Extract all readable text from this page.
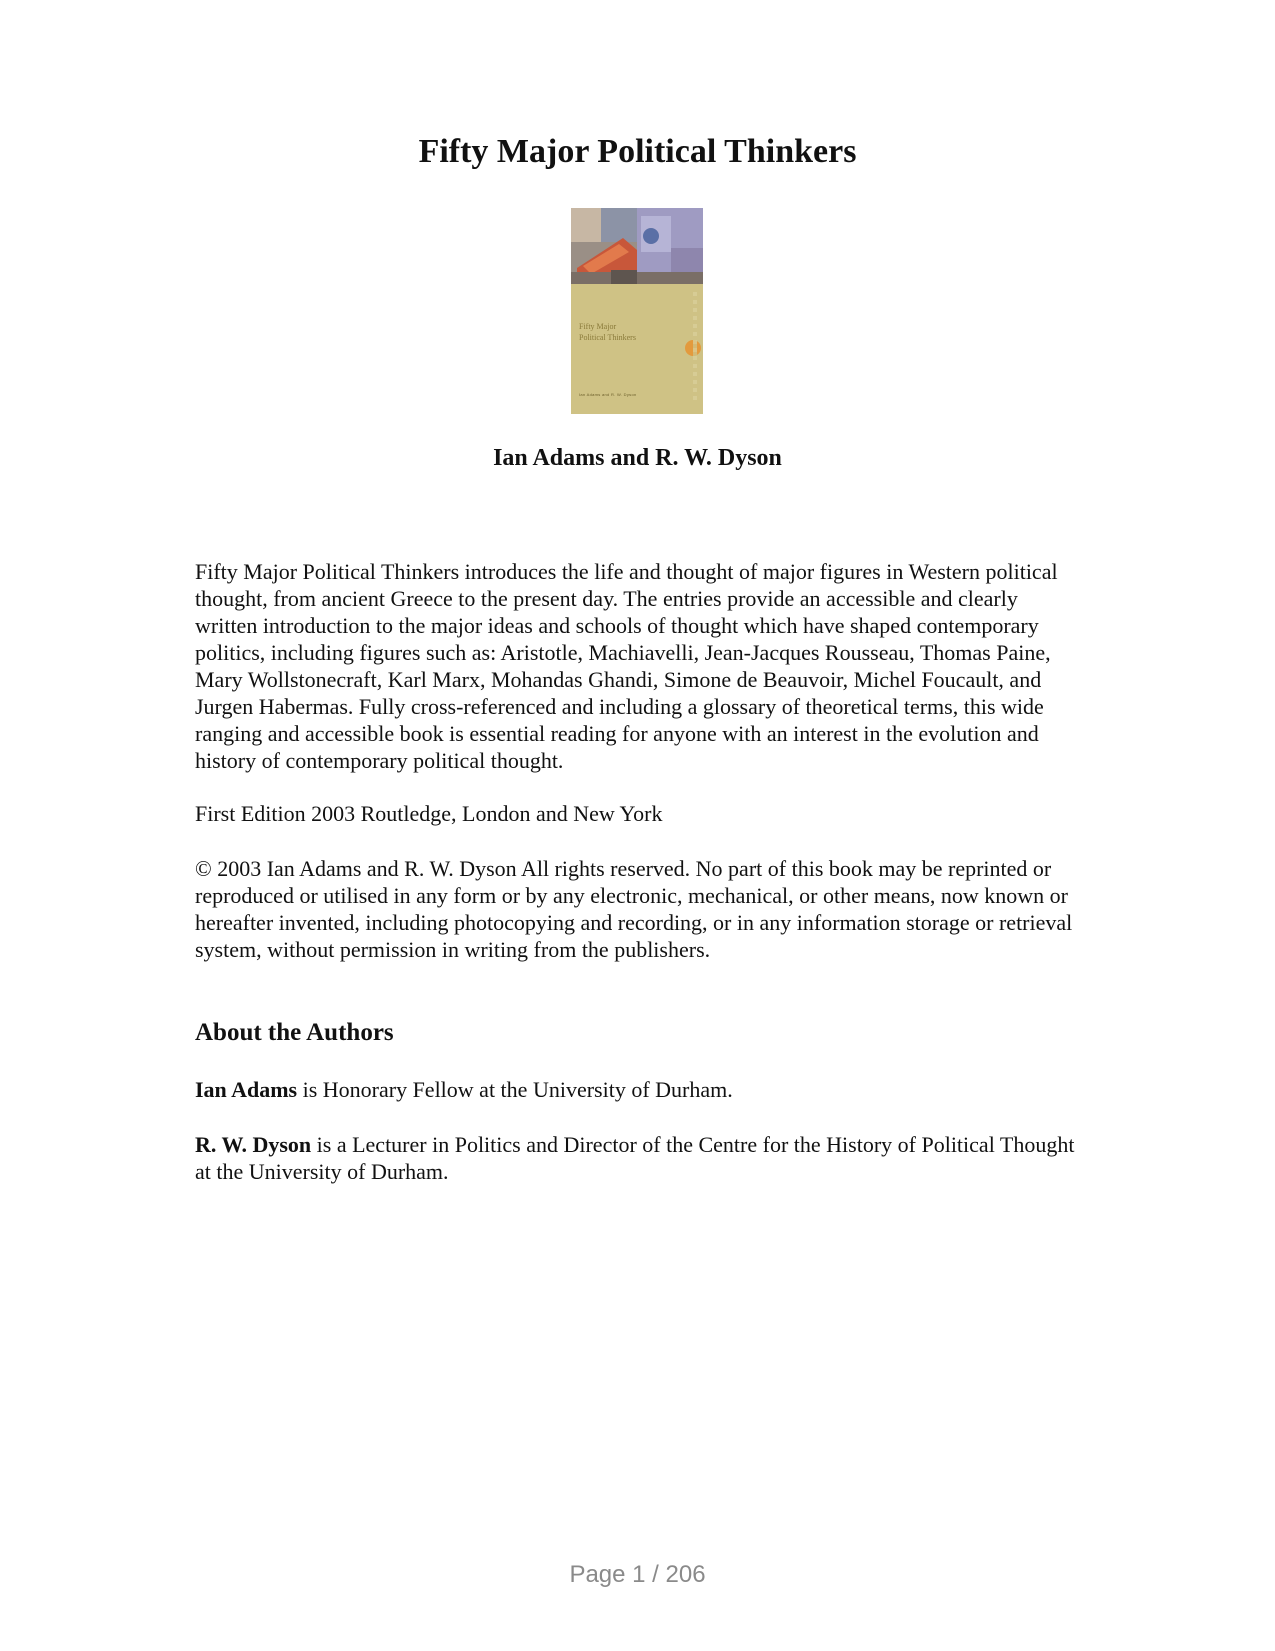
Fifty Major Political Thinkers
Fifty Major
Political Thinkers
Ian Adams and R. W. Dyson
Ian Adams and R. W. Dyson

Fifty Major Political Thinkers introduces the life and thought of major figures in Western political thought, from ancient Greece to the present day. The entries provide an accessible and clearly written introduction to the major ideas and schools of thought which have shaped contemporary politics, including figures such as: Aristotle, Machiavelli, Jean-Jacques Rousseau, Thomas Paine, Mary Wollstonecraft, Karl Marx, Mohandas Ghandi, Simone de Beauvoir, Michel Foucault, and Jurgen Habermas. Fully cross-referenced and including a glossary of theoretical terms, this wide ranging and accessible book is essential reading for anyone with an interest in the evolution and history of contemporary political thought.

First Edition 2003 Routledge, London and New York

© 2003 Ian Adams and R. W. Dyson All rights reserved. No part of this book may be reprinted or reproduced or utilised in any form or by any electronic, mechanical, or other means, now known or hereafter invented, including photocopying and recording, or in any information storage or retrieval system, without permission in writing from the publishers.

About the Authors

Ian Adams is Honorary Fellow at the University of Durham.

R. W. Dyson is a Lecturer in Politics and Director of the Centre for the History of Political Thought at the University of Durham.

Page 1 / 206
